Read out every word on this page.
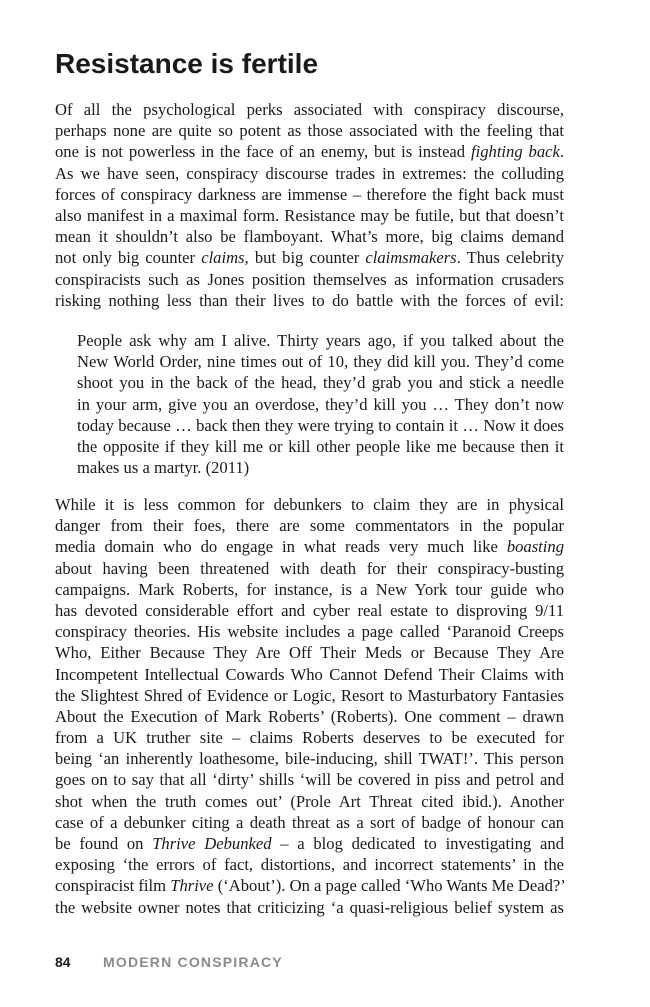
Resistance is fertile
Of all the psychological perks associated with conspiracy discourse,
perhaps none are quite so potent as those associated with the feeling that
one is not powerless in the face of an enemy, but is instead fighting back.
As we have seen, conspiracy discourse trades in extremes: the colluding
forces of conspiracy darkness are immense – therefore the fight back must
also manifest in a maximal form. Resistance may be futile, but that doesn’t
mean it shouldn’t also be flamboyant. What’s more, big claims demand
not only big counter claims, but big counter claimsmakers. Thus celebrity
conspiracists such as Jones position themselves as information crusaders
risking nothing less than their lives to do battle with the forces of evil:
People ask why am I alive. Thirty years ago, if you talked about the
New World Order, nine times out of 10, they did kill you. They’d come
shoot you in the back of the head, they’d grab you and stick a needle
in your arm, give you an overdose, they’d kill you … They don’t now
today because … back then they were trying to contain it … Now it does
the opposite if they kill me or kill other people like me because then it
makes us a martyr. (2011)
While it is less common for debunkers to claim they are in physical
danger from their foes, there are some commentators in the popular
media domain who do engage in what reads very much like boasting
about having been threatened with death for their conspiracy-busting
campaigns. Mark Roberts, for instance, is a New York tour guide who
has devoted considerable effort and cyber real estate to disproving 9/11
conspiracy theories. His website includes a page called ‘Paranoid Creeps
Who, Either Because They Are Off Their Meds or Because They Are
Incompetent Intellectual Cowards Who Cannot Defend Their Claims with
the Slightest Shred of Evidence or Logic, Resort to Masturbatory Fantasies
About the Execution of Mark Roberts’ (Roberts). One comment – drawn
from a UK truther site – claims Roberts deserves to be executed for
being ‘an inherently loathesome, bile-inducing, shill TWAT!’. This person
goes on to say that all ‘dirty’ shills ‘will be covered in piss and petrol and
shot when the truth comes out’ (Prole Art Threat cited ibid.). Another
case of a debunker citing a death threat as a sort of badge of honour can
be found on Thrive Debunked – a blog dedicated to investigating and
exposing ‘the errors of fact, distortions, and incorrect statements’ in the
conspiracist film Thrive (‘About’). On a page called ‘Who Wants Me Dead?’
the website owner notes that criticizing ‘a quasi-religious belief system as
84 MODERN CONSPIRACY
